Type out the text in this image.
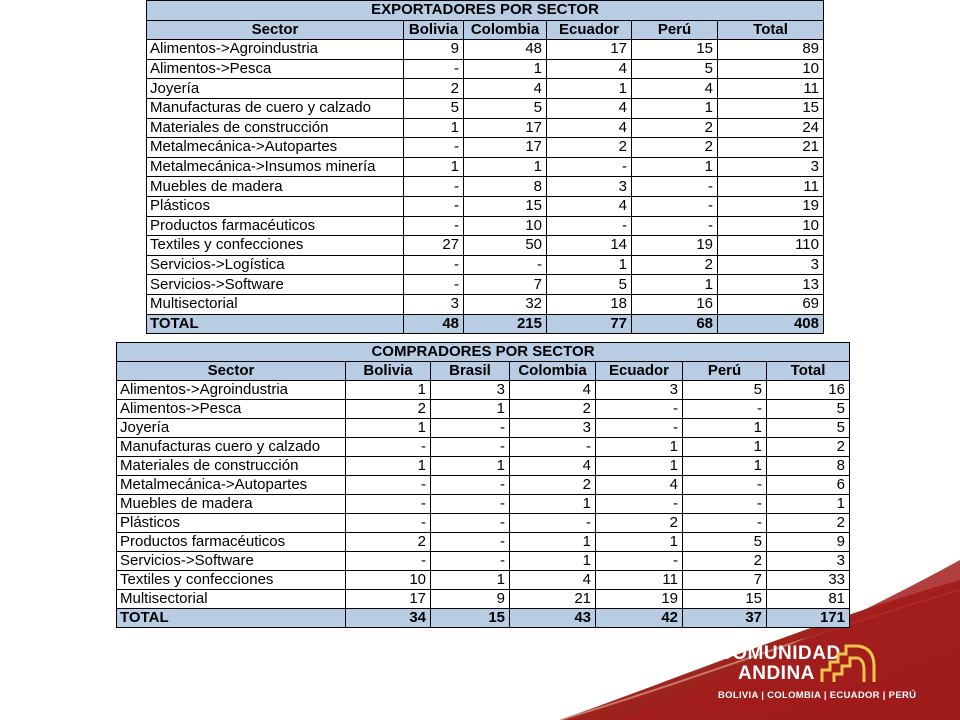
EXPORTADORES POR SECTOR					
Sector	Bolivia	Colombia	Ecuador	Perú	Total
Alimentos->Agroindustria	9	48	17	15	89
Alimentos->Pesca	-	1	4	5	10
Joyería	2	4	1	4	11
Manufacturas de cuero y calzado	5	5	4	1	15
Materiales de construcción	1	17	4	2	24
Metalmecánica->Autopartes	-	17	2	2	21
Metalmecánica->Insumos minería	1	1	-	1	3
Muebles de madera	-	8	3	-	11
Plásticos	-	15	4	-	19
Productos farmacéuticos	-	10	-	-	10
Textiles y confecciones	27	50	14	19	110
Servicios->Logística	-	-	1	2	3
Servicios->Software	-	7	5	1	13
Multisectorial	3	32	18	16	69
TOTAL	48	215	77	68	408
COMPRADORES POR SECTOR						
Sector	Bolivia	Brasil	Colombia	Ecuador	Perú	Total
Alimentos->Agroindustria	1	3	4	3	5	16
Alimentos->Pesca	2	1	2	-	-	5
Joyería	1	-	3	-	1	5
Manufacturas cuero y calzado	-	-	-	1	1	2
Materiales de construcción	1	1	4	1	1	8
Metalmecánica->Autopartes	-	-	2	4	-	6
Muebles de madera	-	-	1	-	-	1
Plásticos	-	-	-	2	-	2
Productos farmacéuticos	2	-	1	1	5	9
Servicios->Software	-	-	1	-	2	3
Textiles y confecciones	10	1	4	11	7	33
Multisectorial	17	9	21	19	15	81
TOTAL	34	15	43	42	37	171
COMUNIDAD
ANDINA
BOLIVIA | COLOMBIA | ECUADOR | PERÚ
